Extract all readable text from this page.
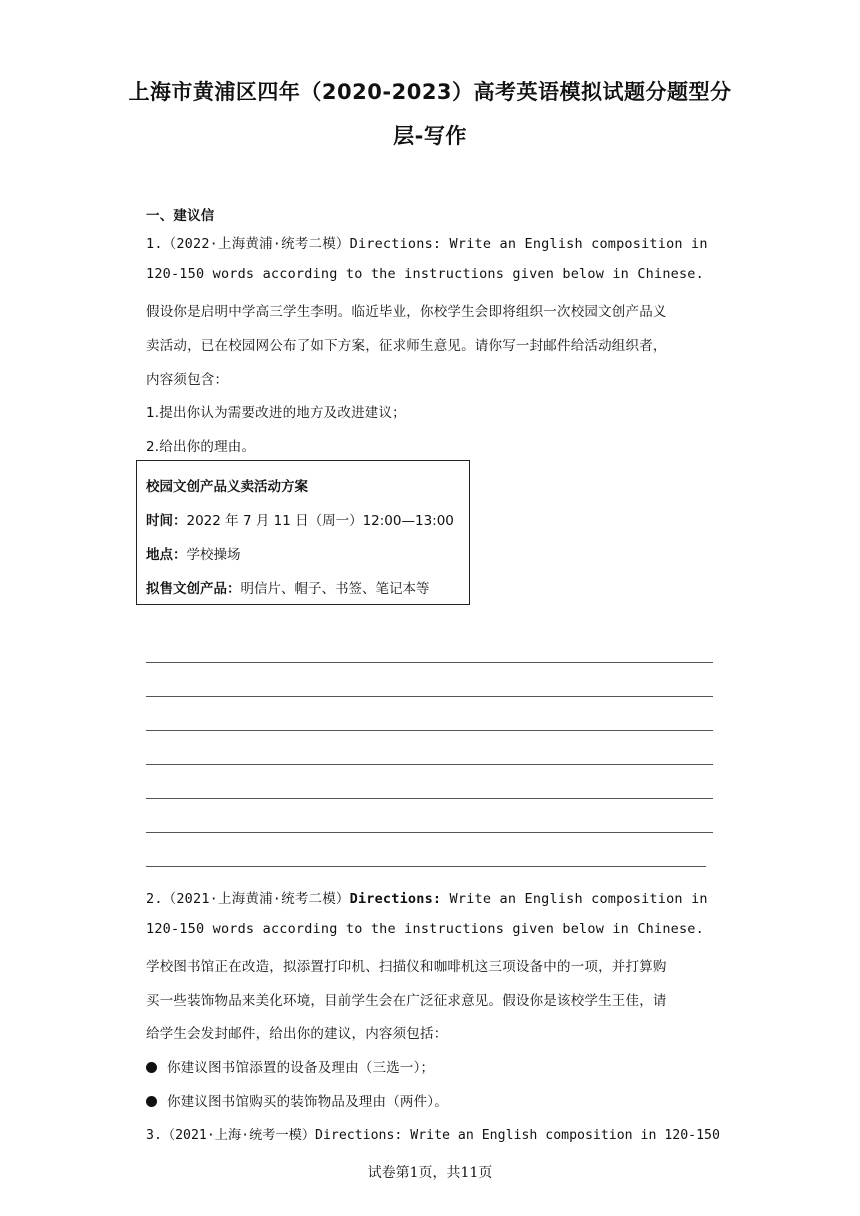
上海市黄浦区四年（2020-2023）高考英语模拟试题分题型分
层-写作
一、建议信
1.（2022·上海黄浦·统考二模）Directions: Write an English composition in
120-150 words according to the instructions given below in Chinese.
假设你是启明中学高三学生李明。临近毕业，你校学生会即将组织一次校园文创产品义
卖活动，已在校园网公布了如下方案，征求师生意见。请你写一封邮件给活动组织者，
内容须包含：
1.提出你认为需要改进的地方及改进建议；
2.给出你的理由。
校园文创产品义卖活动方案
时间：2022 年 7 月 11 日（周一）12:00—13:00
地点：学校操场
拟售文创产品：明信片、帽子、书签、笔记本等
2.（2021·上海黄浦·统考二模）Directions: Write an English composition in
120-150 words according to the instructions given below in Chinese.
学校图书馆正在改造，拟添置打印机、扫描仪和咖啡机这三项设备中的一项，并打算购
买一些装饰物品来美化环境，目前学生会在广泛征求意见。假设你是该校学生王佳，请
给学生会发封邮件，给出你的建议，内容须包括：
你建议图书馆添置的设备及理由（三选一）；
你建议图书馆购买的装饰物品及理由（两件）。
3.（2021·上海·统考一模）Directions: Write an English composition in 120-150
试卷第1页，共11页
